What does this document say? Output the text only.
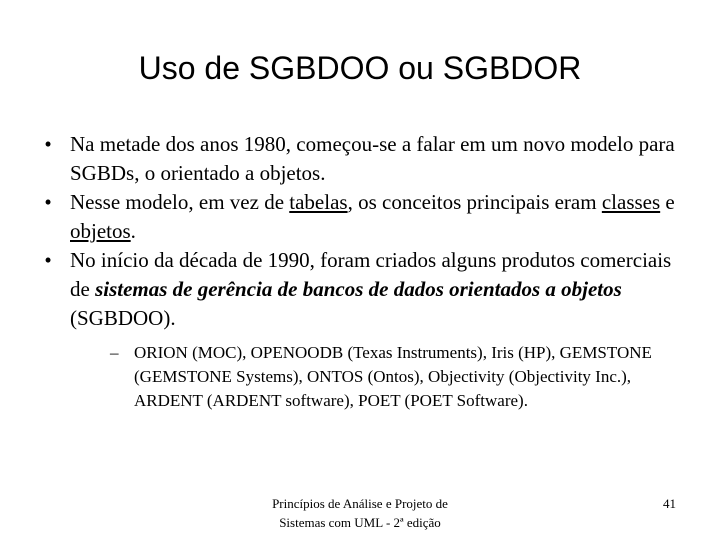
Uso de SGBDOO ou SGBDOR
• Na metade dos anos 1980, começou-se a falar em um novo modelo para SGBDs, o orientado a objetos.
• Nesse modelo, em vez de tabelas, os conceitos principais eram classes e objetos.
• No início da década de 1990, foram criados alguns produtos comerciais de sistemas de gerência de bancos de dados orientados a objetos (SGBDOO).
– ORION (MOC), OPENOODB (Texas Instruments), Iris (HP), GEMSTONE (GEMSTONE Systems), ONTOS (Ontos), Objectivity (Objectivity Inc.), ARDENT (ARDENT software), POET (POET Software).
Princípios de Análise e Projeto de
Sistemas com UML - 2ª edição
41
